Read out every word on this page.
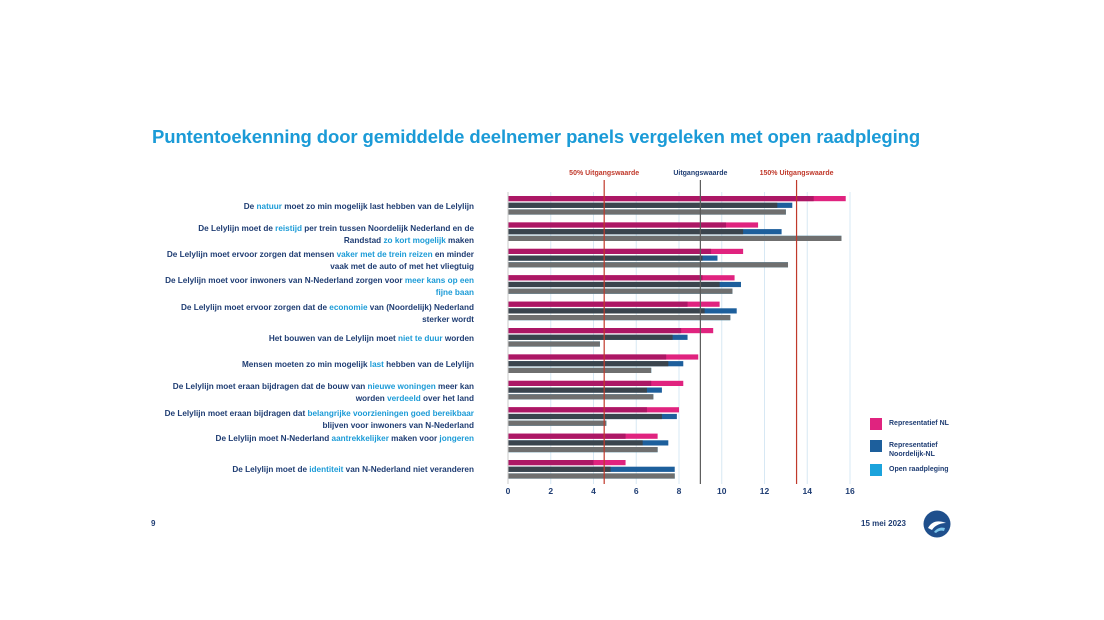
Puntentoekenning door gemiddelde deelnemer panels vergeleken met open raadpleging
0	2	4	6	8	10	12	14	16
50% Uitgangswaarde	Uitgangswaarde	150% Uitgangswaarde
De natuur moet zo min mogelijk last hebben van de Lelylijn
De Lelylijn moet de reistijd per trein tussen Noordelijk Nederland en de Randstad zo kort mogelijk maken
De Lelylijn moet ervoor zorgen dat mensen vaker met de trein reizen en minder vaak met de auto of met het vliegtuig
De Lelylijn moet voor inwoners van N-Nederland zorgen voor meer kans op een fijne baan
De Lelylijn moet ervoor zorgen dat de economie van (Noordelijk) Nederland sterker wordt
Het bouwen van de Lelylijn moet niet te duur worden
Mensen moeten zo min mogelijk last hebben van de Lelylijn
De Lelylijn moet eraan bijdragen dat de bouw van nieuwe woningen meer kan worden verdeeld over het land
De Lelylijn moet eraan bijdragen dat belangrijke voorzieningen goed bereikbaar blijven voor inwoners van N-Nederland
De Lelylijn moet N-Nederland aantrekkelijker maken voor jongeren
De Lelylijn moet de identiteit van N-Nederland niet veranderen
Representatief NL
Representatief
Noordelijk-NL
Open raadpleging
9	15 mei 2023
